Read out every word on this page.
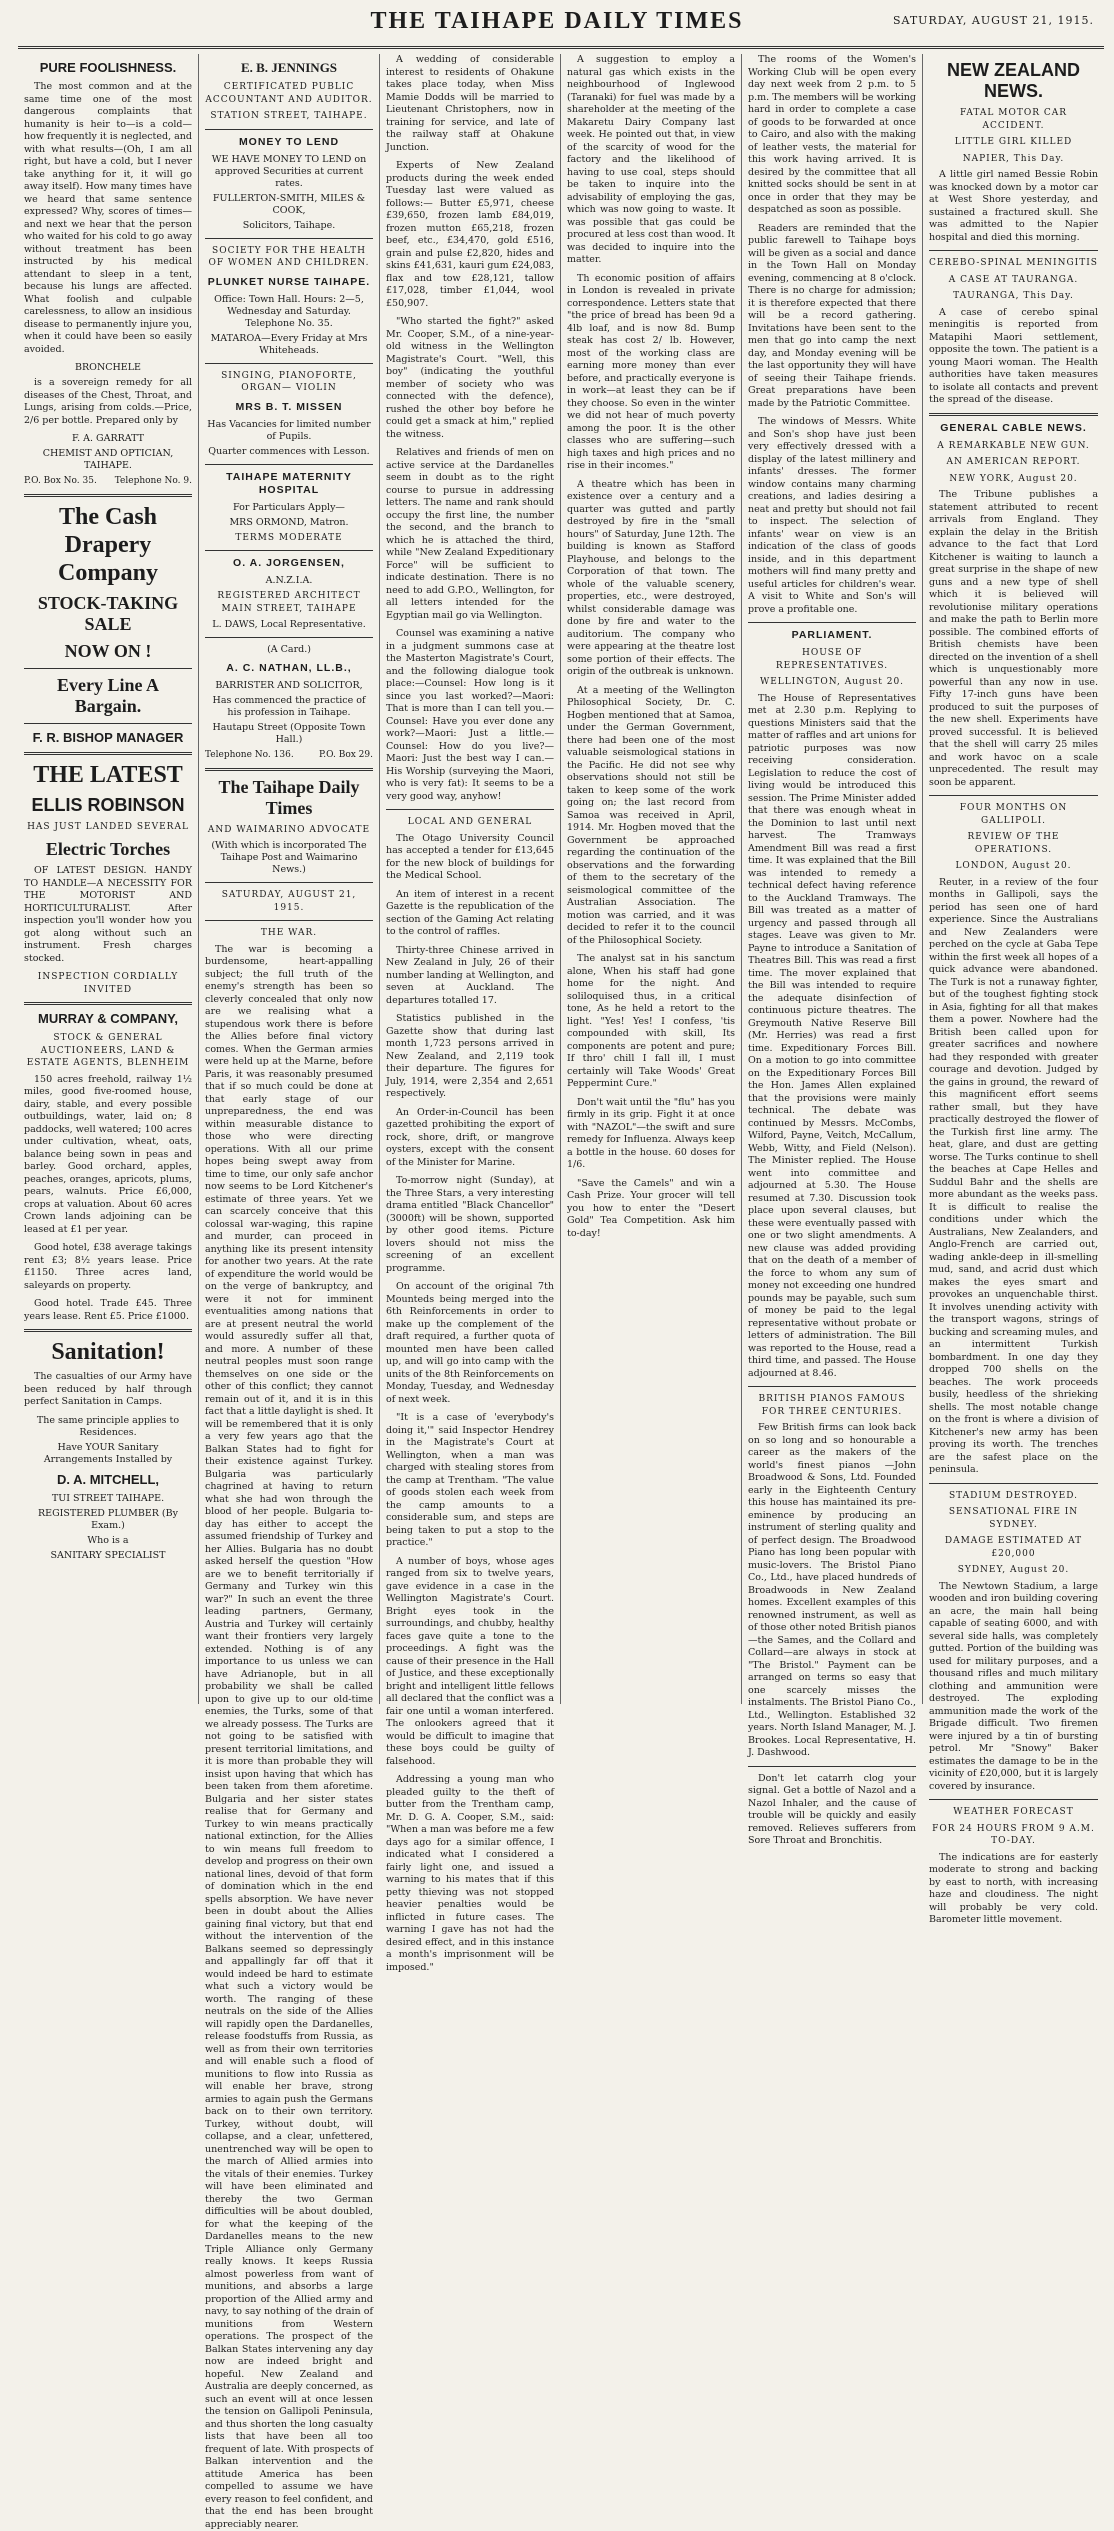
THE TAIHAPE DAILY TIMES	SATURDAY, AUGUST 21, 1915.
PURE FOOLISHNESS.

The most common and at the same time one of the most dangerous complaints that humanity is heir to—is a cold—how frequently it is neglected, and with what results—(Oh, I am all right, but have a cold, but I never take anything for it, it will go away itself). How many times have we heard that same sentence expressed? Why, scores of times—and next we hear that the person who waited for his cold to go away without treatment has been instructed by his medical attendant to sleep in a tent, because his lungs are affected. What foolish and culpable carelessness, to allow an insidious disease to permanently injure you, when it could have been so easily avoided.

BRONCHELE

is a sovereign remedy for all diseases of the Chest, Throat, and Lungs, arising from colds.—Price, 2/6 per bottle. Prepared only by

F. A. GARRATT
CHEMIST AND OPTICIAN, TAIHAPE.
P.O. Box No. 35. Telephone No. 9.
The Cash Drapery Company
STOCK-TAKING SALE
NOW ON !
Every Line A Bargain.
F. R. BISHOP MANAGER
THE LATEST
ELLIS ROBINSON
HAS JUST LANDED SEVERAL
Electric Torches

OF LATEST DESIGN. HANDY TO HANDLE—A NECESSITY FOR THE MOTORIST AND HORTICULTURALIST. After inspection you'll wonder how you got along without such an instrument. Fresh charges stocked.

INSPECTION CORDIALLY INVITED
MURRAY & COMPANY,
STOCK & GENERAL AUCTIONEERS, LAND & ESTATE AGENTS, BLENHEIM

150 acres freehold, railway 1½ miles, good five-roomed house, dairy, stable, and every possible outbuildings, water, laid on; 8 paddocks, well watered; 100 acres under cultivation, wheat, oats, balance being sown in peas and barley. Good orchard, apples, peaches, oranges, apricots, plums, pears, walnuts. Price £6,000, crops at valuation. About 60 acres Crown lands adjoining can be leased at £1 per year.

Good hotel, £38 average takings rent £3; 8½ years lease. Price £1150. Three acres land, saleyards on property.

Good hotel. Trade £45. Three years lease. Rent £5. Price £1000.

Sanitation!

The casualties of our Army have been reduced by half through perfect Sanitation in Camps.

The same principle applies to Residences.
Have YOUR Sanitary Arrangements Installed by
D. A. MITCHELL,
TUI STREET TAIHAPE.
REGISTERED PLUMBER (By Exam.)
Who is a
SANITARY SPECIALIST
E. B. JENNINGS
CERTIFICATED PUBLIC ACCOUNTANT AND AUDITOR.
STATION STREET, TAIHAPE.
MONEY TO LEND
WE HAVE MONEY TO LEND on approved Securities at current rates.
FULLERTON-SMITH, MILES & COOK,
Solicitors, Taihape.
SOCIETY FOR THE HEALTH OF WOMEN AND CHILDREN.
PLUNKET NURSE TAIHAPE.
Office: Town Hall. Hours: 2—5, Wednesday and Saturday. Telephone No. 35.
MATAROA—Every Friday at Mrs Whiteheads.
SINGING, PIANOFORTE, ORGAN— VIOLIN
MRS B. T. MISSEN
Has Vacancies for limited number of Pupils.
Quarter commences with Lesson.
TAIHAPE MATERNITY HOSPITAL
For Particulars Apply—
MRS ORMOND, Matron.
TERMS MODERATE
O. A. JORGENSEN,
A.N.Z.I.A.
REGISTERED ARCHITECT MAIN STREET, TAIHAPE
L. DAWS, Local Representative.
(A Card.)
A. C. NATHAN, LL.B.,
BARRISTER AND SOLICITOR,
Has commenced the practice of his profession in Taihape.
Hautapu Street (Opposite Town Hall.)
Telephone No. 136.	P.O. Box 29.
The Taihape Daily Times
AND WAIMARINO ADVOCATE
(With which is incorporated The Taihape Post and Waimarino News.)
SATURDAY, AUGUST 21, 1915.
THE WAR.

The war is becoming a burdensome, heart-appalling subject; the full truth of the enemy's strength has been so cleverly concealed that only now are we realising what a stupendous work there is before the Allies before final victory comes. When the German armies were held up at the Marne, before Paris, it was reasonably presumed that if so much could be done at that early stage of our unpreparedness, the end was within measurable distance to those who were directing operations. With all our prime hopes being swept away from time to time, our only safe anchor now seems to be Lord Kitchener's estimate of three years. Yet we can scarcely conceive that this colossal war-waging, this rapine and murder, can proceed in anything like its present intensity for another two years. At the rate of expenditure the world would be on the verge of bankruptcy, and were it not for imminent eventualities among nations that are at present neutral the world would assuredly suffer all that, and more. A number of these neutral peoples must soon range themselves on one side or the other of this conflict; they cannot remain out of it, and it is in this fact that a little daylight is shed. It will be remembered that it is only a very few years ago that the Balkan States had to fight for their existence against Turkey. Bulgaria was particularly chagrined at having to return what she had won through the blood of her people. Bulgaria to-day has either to accept the assumed friendship of Turkey and her Allies. Bulgaria has no doubt asked herself the question "How are we to benefit territorially if Germany and Turkey win this war?" In such an event the three leading partners, Germany, Austria and Turkey will certainly want their frontiers very largely extended. Nothing is of any importance to us unless we can have Adrianople, but in all probability we shall be called upon to give up to our old-time enemies, the Turks, some of that we already possess. The Turks are not going to be satisfied with present territorial limitations, and it is more than probable they will insist upon having that which has been taken from them aforetime. Bulgaria and her sister states realise that for Germany and Turkey to win means practically national extinction, for the Allies to win means full freedom to develop and progress on their own national lines, devoid of that form of domination which in the end spells absorption. We have never been in doubt about the Allies gaining final victory, but that end without the intervention of the Balkans seemed so depressingly and appallingly far off that it would indeed be hard to estimate what such a victory would be worth. The ranging of these neutrals on the side of the Allies will rapidly open the Dardanelles, release foodstuffs from Russia, as well as from their own territories and will enable such a flood of munitions to flow into Russia as will enable her brave, strong armies to again push the Germans back on to their own territory. Turkey, without doubt, will collapse, and a clear, unfettered, unentrenched way will be open to the march of Allied armies into the vitals of their enemies. Turkey will have been eliminated and thereby the two German difficulties will be about doubled, for what the keeping of the Dardanelles means to the new Triple Alliance only Germany really knows. It keeps Russia almost powerless from want of munitions, and absorbs a large proportion of the Allied army and navy, to say nothing of the drain of munitions from Western operations. The prospect of the Balkan States intervening any day now are indeed bright and hopeful. New Zealand and Australia are deeply concerned, as such an event will at once lessen the tension on Gallipoli Peninsula, and thus shorten the long casualty lists that have been all too frequent of late. With prospects of Balkan intervention and the attitude America has been compelled to assume we have every reason to feel confident, and that the end has been brought appreciably nearer.

A wedding of considerable interest to residents of Ohakune takes place today, when Miss Mamie Dodds will be married to Lieutenant Christophers, now in training for service, and late of the railway staff at Ohakune Junction.

Experts of New Zealand products during the week ended Tuesday last were valued as follows:— Butter £5,971, cheese £39,650, frozen lamb £84,019, frozen mutton £65,218, frozen beef, etc., £34,470, gold £516, grain and pulse £2,820, hides and skins £41,631, kauri gum £24,083, flax and tow £28,121, tallow £17,028, timber £1,044, wool £50,907.

"Who started the fight?" asked Mr. Cooper, S.M., of a nine-year-old witness in the Wellington Magistrate's Court. "Well, this boy" (indicating the youthful member of society who was connected with the defence), rushed the other boy before he could get a smack at him," replied the witness.

Relatives and friends of men on active service at the Dardanelles seem in doubt as to the right course to pursue in addressing letters. The name and rank should occupy the first line, the number the second, and the branch to which he is attached the third, while "New Zealand Expeditionary Force" will be sufficient to indicate destination. There is no need to add G.P.O., Wellington, for all letters intended for the Egyptian mail go via Wellington.

Counsel was examining a native in a judgment summons case at the Masterton Magistrate's Court, and the following dialogue took place:—Counsel: How long is it since you last worked?—Maori: That is more than I can tell you.—Counsel: Have you ever done any work?—Maori: Just a little.—Counsel: How do you live?—Maori: Just the best way I can.—His Worship (surveying the Maori, who is very fat): It seems to be a very good way, anyhow!

LOCAL AND GENERAL

The Otago University Council has accepted a tender for £13,645 for the new block of buildings for the Medical School.

An item of interest in a recent Gazette is the republication of the section of the Gaming Act relating to the control of raffles.

Thirty-three Chinese arrived in New Zealand in July, 26 of their number landing at Wellington, and seven at Auckland. The departures totalled 17.

Statistics published in the Gazette show that during last month 1,723 persons arrived in New Zealand, and 2,119 took their departure. The figures for July, 1914, were 2,354 and 2,651 respectively.

An Order-in-Council has been gazetted prohibiting the export of rock, shore, drift, or mangrove oysters, except with the consent of the Minister for Marine.

To-morrow night (Sunday), at the Three Stars, a very interesting drama entitled "Black Chancellor" (3000ft) will be shown, supported by other good items. Picture lovers should not miss the screening of an excellent programme.

On account of the original 7th Mounteds being merged into the 6th Reinforcements in order to make up the complement of the draft required, a further quota of mounted men have been called up, and will go into camp with the units of the 8th Reinforcements on Monday, Tuesday, and Wednesday of next week.

"It is a case of 'everybody's doing it,'" said Inspector Hendrey in the Magistrate's Court at Wellington, when a man was charged with stealing stores from the camp at Trentham. "The value of goods stolen each week from the camp amounts to a considerable sum, and steps are being taken to put a stop to the practice."

A number of boys, whose ages ranged from six to twelve years, gave evidence in a case in the Wellington Magistrate's Court. Bright eyes took in the surroundings, and chubby, healthy faces gave quite a tone to the proceedings. A fight was the cause of their presence in the Hall of Justice, and these exceptionally bright and intelligent little fellows all declared that the conflict was a fair one until a woman interfered. The onlookers agreed that it would be difficult to imagine that these boys could be guilty of falsehood.

Addressing a young man who pleaded guilty to the theft of butter from the Trentham camp, Mr. D. G. A. Cooper, S.M., said: "When a man was before me a few days ago for a similar offence, I indicated what I considered a fairly light one, and issued a warning to his mates that if this petty thieving was not stopped heavier penalties would be inflicted in future cases. The warning I gave has not had the desired effect, and in this instance a month's imprisonment will be imposed."

A suggestion to employ a natural gas which exists in the neighbourhood of Inglewood (Taranaki) for fuel was made by a shareholder at the meeting of the Makaretu Dairy Company last week. He pointed out that, in view of the scarcity of wood for the factory and the likelihood of having to use coal, steps should be taken to inquire into the advisability of employing the gas, which was now going to waste. It was possible that gas could be procured at less cost than wood. It was decided to inquire into the matter.

Th economic position of affairs in London is revealed in private correspondence. Letters state that "the price of bread has been 9d a 4lb loaf, and is now 8d. Bump steak has cost 2/ lb. However, most of the working class are earning more money than ever before, and practically everyone is in work—at least they can be if they choose. So even in the winter we did not hear of much poverty among the poor. It is the other classes who are suffering—such high taxes and high prices and no rise in their incomes."

A theatre which has been in existence over a century and a quarter was gutted and partly destroyed by fire in the "small hours" of Saturday, June 12th. The building is known as Stafford Playhouse, and belongs to the Corporation of that town. The whole of the valuable scenery, properties, etc., were destroyed, whilst considerable damage was done by fire and water to the auditorium. The company who were appearing at the theatre lost some portion of their effects. The origin of the outbreak is unknown.

At a meeting of the Wellington Philosophical Society, Dr. C. Hogben mentioned that at Samoa, under the German Government, there had been one of the most valuable seismological stations in the Pacific. He did not see why observations should not still be taken to keep some of the work going on; the last record from Samoa was received in April, 1914. Mr. Hogben moved that the Government be approached regarding the continuation of the observations and the forwarding of them to the secretary of the seismological committee of the Australian Association. The motion was carried, and it was decided to refer it to the council of the Philosophical Society.

The analyst sat in his sanctum alone, When his staff had gone home for the night. And soliloquised thus, in a critical tone, As he held a retort to the light. "Yes! Yes! I confess, 'tis compounded with skill, Its components are potent and pure; If thro' chill I fall ill, I must certainly will Take Woods' Great Peppermint Cure."

Don't wait until the "flu" has you firmly in its grip. Fight it at once with "NAZOL"—the swift and sure remedy for Influenza. Always keep a bottle in the house. 60 doses for 1/6.

"Save the Camels" and win a Cash Prize. Your grocer will tell you how to enter the "Desert Gold" Tea Competition. Ask him to-day!

The rooms of the Women's Working Club will be open every day next week from 2 p.m. to 5 p.m. The members will be working hard in order to complete a case of goods to be forwarded at once to Cairo, and also with the making of leather vests, the material for this work having arrived. It is desired by the committee that all knitted socks should be sent in at once in order that they may be despatched as soon as possible.

Readers are reminded that the public farewell to Taihape boys will be given as a social and dance in the Town Hall on Monday evening, commencing at 8 o'clock. There is no charge for admission; it is therefore expected that there will be a record gathering. Invitations have been sent to the men that go into camp the next day, and Monday evening will be the last opportunity they will have of seeing their Taihape friends. Great preparations have been made by the Patriotic Committee.

The windows of Messrs. White and Son's shop have just been very effectively dressed with a display of the latest millinery and infants' dresses. The former window contains many charming creations, and ladies desiring a neat and pretty but should not fail to inspect. The selection of infants' wear on view is an indication of the class of goods inside, and in this department mothers will find many pretty and useful articles for children's wear. A visit to White and Son's will prove a profitable one.

PARLIAMENT.
HOUSE OF REPRESENTATIVES.
WELLINGTON, August 20.

The House of Representatives met at 2.30 p.m. Replying to questions Ministers said that the matter of raffles and art unions for patriotic purposes was now receiving consideration. Legislation to reduce the cost of living would be introduced this session. The Prime Minister added that there was enough wheat in the Dominion to last until next harvest. The Tramways Amendment Bill was read a first time. It was explained that the Bill was intended to remedy a technical defect having reference to the Auckland Tramways. The Bill was treated as a matter of urgency and passed through all stages. Leave was given to Mr. Payne to introduce a Sanitation of Theatres Bill. This was read a first time. The mover explained that the Bill was intended to require the adequate disinfection of continuous picture theatres. The Greymouth Native Reserve Bill (Mr. Herries) was read a first time. Expeditionary Forces Bill. On a motion to go into committee on the Expeditionary Forces Bill the Hon. James Allen explained that the provisions were mainly technical. The debate was continued by Messrs. McCombs, Wilford, Payne, Veitch, McCallum, Webb, Witty, and Field (Nelson). The Minister replied. The House went into committee and adjourned at 5.30. The House resumed at 7.30. Discussion took place upon several clauses, but these were eventually passed with one or two slight amendments. A new clause was added providing that on the death of a member of the force to whom any sum of money not exceeding one hundred pounds may be payable, such sum of money be paid to the legal representative without probate or letters of administration. The Bill was reported to the House, read a third time, and passed. The House adjourned at 8.46.

BRITISH PIANOS FAMOUS FOR THREE CENTURIES.

Few British firms can look back on so long and so honourable a career as the makers of the world's finest pianos —John Broadwood & Sons, Ltd. Founded early in the Eighteenth Century this house has maintained its pre-eminence by producing an instrument of sterling quality and of perfect design. The Broadwood Piano has long been popular with music-lovers. The Bristol Piano Co., Ltd., have placed hundreds of Broadwoods in New Zealand homes. Excellent examples of this renowned instrument, as well as of those other noted British pianos—the Sames, and the Collard and Collard—are always in stock at "The Bristol." Payment can be arranged on terms so easy that one scarcely misses the instalments. The Bristol Piano Co., Ltd., Wellington. Established 32 years. North Island Manager, M. J. Brookes. Local Representative, H. J. Dashwood.

Don't let catarrh clog your signal. Get a bottle of Nazol and a Nazol Inhaler, and the cause of trouble will be quickly and easily removed. Relieves sufferers from Sore Throat and Bronchitis.

NEW ZEALAND NEWS.
FATAL MOTOR CAR ACCIDENT.
LITTLE GIRL KILLED
NAPIER, This Day.

A little girl named Bessie Robin was knocked down by a motor car at West Shore yesterday, and sustained a fractured skull. She was admitted to the Napier hospital and died this morning.

CEREBO-SPINAL MENINGITIS
A CASE AT TAURANGA.
TAURANGA, This Day.

A case of cerebo spinal meningitis is reported from Matapihi Maori settlement, opposite the town. The patient is a young Maori woman. The Health authorities have taken measures to isolate all contacts and prevent the spread of the disease.

GENERAL CABLE NEWS.
A REMARKABLE NEW GUN.
AN AMERICAN REPORT.
NEW YORK, August 20.

The Tribune publishes a statement attributed to recent arrivals from England. They explain the delay in the British advance to the fact that Lord Kitchener is waiting to launch a great surprise in the shape of new guns and a new type of shell which it is believed will revolutionise military operations and make the path to Berlin more possible. The combined efforts of British chemists have been directed on the invention of a shell which is unquestionably more powerful than any now in use. Fifty 17-inch guns have been produced to suit the purposes of the new shell. Experiments have proved successful. It is believed that the shell will carry 25 miles and work havoc on a scale unprecedented. The result may soon be apparent.

FOUR MONTHS ON GALLIPOLI.
REVIEW OF THE OPERATIONS.
LONDON, August 20.

Reuter, in a review of the four months in Gallipoli, says the period has seen one of hard experience. Since the Australians and New Zealanders were perched on the cycle at Gaba Tepe within the first week all hopes of a quick advance were abandoned. The Turk is not a runaway fighter, but of the toughest fighting stock in Asia, fighting for all that makes them a power. Nowhere had the British been called upon for greater sacrifices and nowhere had they responded with greater courage and devotion. Judged by the gains in ground, the reward of this magnificent effort seems rather small, but they have practically destroyed the flower of the Turkish first line army. The heat, glare, and dust are getting worse. The Turks continue to shell the beaches at Cape Helles and Suddul Bahr and the shells are more abundant as the weeks pass. It is difficult to realise the conditions under which the Australians, New Zealanders, and Anglo-French are carried out, wading ankle-deep in ill-smelling mud, sand, and acrid dust which makes the eyes smart and provokes an unquenchable thirst. It involves unending activity with the transport wagons, strings of bucking and screaming mules, and an intermittent Turkish bombardment. In one day they dropped 700 shells on the beaches. The work proceeds busily, heedless of the shrieking shells. The most notable change on the front is where a division of Kitchener's new army has been proving its worth. The trenches are the safest place on the peninsula.

STADIUM DESTROYED.
SENSATIONAL FIRE IN SYDNEY.
DAMAGE ESTIMATED AT £20,000
SYDNEY, August 20.

The Newtown Stadium, a large wooden and iron building covering an acre, the main hall being capable of seating 6000, and with several side halls, was completely gutted. Portion of the building was used for military purposes, and a thousand rifles and much military clothing and ammunition were destroyed. The exploding ammunition made the work of the Brigade difficult. Two firemen were injured by a tin of bursting petrol. Mr "Snowy" Baker estimates the damage to be in the vicinity of £20,000, but it is largely covered by insurance.

WEATHER FORECAST
FOR 24 HOURS FROM 9 A.M. TO-DAY.

The indications are for easterly moderate to strong and backing by east to north, with increasing haze and cloudiness. The night will probably be very cold. Barometer little movement.
